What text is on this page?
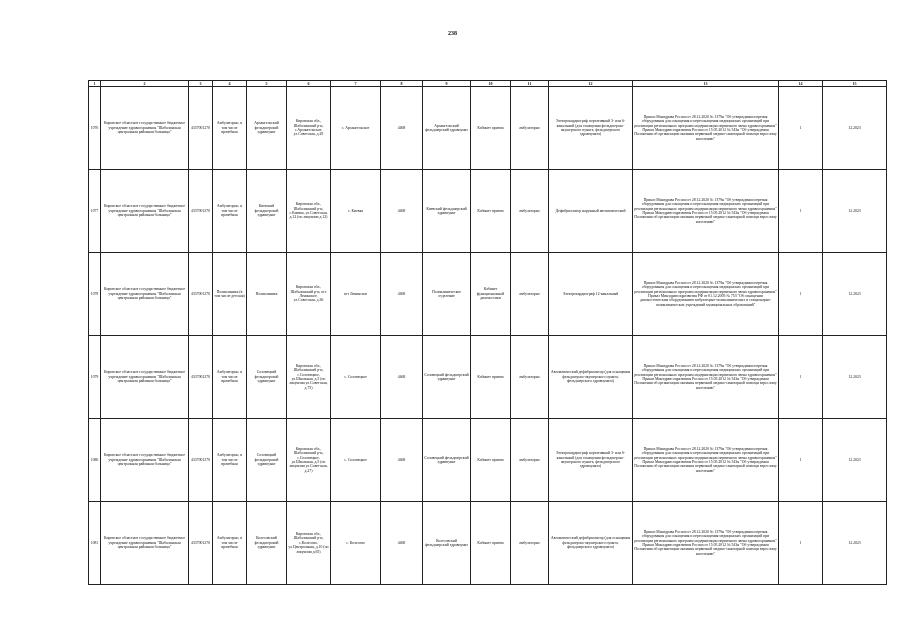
238
1	2	3	4	5	6	7	8	9	10	11	12	13	14	15
1076	Кировское областное государственное бюджетное учреждение здравоохранения "Шабалинская центральная районная больница"	4337001270	Амбулаторно, в том числе врачебная	Архангельский фельдшерский здравпункт	Кировская обл., Шабалинский р-н, с.Архангельское, ул.Советская, д.29	с. Архангельское	4468	Архангельский фельдшерский здравпункт	Кабинет приема	амбулаторно	Электрокардиограф портативный 3- или 6-канальный (для оснащения фельдшерско-акушерского пункта, фельдшерского здравпункта)	Приказ Минздрава России от 28.12.2020 № 1379н "Об утверждении перечня оборудования для оснащения и переоснащения медицинских организаций при реализации региональных программ модернизации первичного звена здравоохранения" Приказ Минздравсоцразвития России от 15.05.2012 № 543н "Об утверждении Положения об организации оказания первичной медико-санитарной помощи взрослому населению"	1	12.2023
1077	Кировское областное государственное бюджетное учреждение здравоохранения "Шабалинская центральная районная больница"	4337001270	Амбулаторно, в том числе врачебная	Киевский фельдшерский здравпункт	Кировская обл., Шабалинский р-н, с.Киевка, ул.Советская, д.12 (по лицензии д.12)	с. Киевка	4468	Киевский фельдшерский здравпункт	Кабинет приема	амбулаторно	Дефибриллятор наружный автоматический	Приказ Минздрава России от 28.12.2020 № 1379н "Об утверждении перечня оборудования для оснащения и переоснащения медицинских организаций при реализации региональных программ модернизации первичного звена здравоохранения" Приказ Минздравсоцразвития России от 15.05.2012 № 543н "Об утверждении Положения об организации оказания первичной медико-санитарной помощи взрослому населению"	1	12.2023
1078	Кировское областное государственное бюджетное учреждение здравоохранения "Шабалинская центральная районная больница"	4337001270	Поликлиника (в том числе детская)	Поликлиника	Кировская обл., Шабалинский р-н, пгт Ленинское, ул.Советская, д.36	пгт Ленинское	4468	Поликлиническое отделение	Кабинет функциональной диагностики	амбулаторно	Электрокардиограф 12-канальный	Приказ Минздрава России от 28.12.2020 № 1379н "Об утверждении перечня оборудования для оснащения и переоснащения медицинских организаций при реализации региональных программ модернизации первичного звена здравоохранения" Приказ Минздравсоцразвития РФ от 01.12.2005 № 753 "Об оснащении диагностическим оборудованием амбулаторно-поликлинических и стационарно-поликлинических учреждений муниципальных образований"	1	12.2023
1079	Кировское областное государственное бюджетное учреждение здравоохранения "Шабалинская центральная районная больница"	4337001270	Амбулаторно, в том числе врачебная	Соловецкий фельдшерский здравпункт	Кировская обл., Шабалинский р-н, с.Соловецкое, ул.Школьная, д.5 (по лицензии ул.Советская, д.75)	с. Соловецкое	4468	Соловецкий фельдшерский здравпункт	Кабинет приема	амбулаторно	Автоматический дефибриллятор (для оснащения фельдшерско-акушерского пункта, фельдшерского здравпункта)	Приказ Минздрава России от 28.12.2020 № 1379н "Об утверждении перечня оборудования для оснащения и переоснащения медицинских организаций при реализации региональных программ модернизации первичного звена здравоохранения" Приказ Минздравсоцразвития России от 15.05.2012 № 543н "Об утверждении Положения об организации оказания первичной медико-санитарной помощи взрослому населению"	1	12.2023
1080	Кировское областное государственное бюджетное учреждение здравоохранения "Шабалинская центральная районная больница"	4337001270	Амбулаторно, в том числе врачебная	Соловецкий фельдшерский здравпункт	Кировская обл., Шабалинский р-н, с.Соловецкое, ул.Школьная, д.5 (по лицензии ул.Советская, д.27)	с. Соловецкое	4468	Соловецкий фельдшерский здравпункт	Кабинет приема	амбулаторно	Электрокардиограф портативный 3- или 6-канальный (для оснащения фельдшерско-акушерского пункта, фельдшерского здравпункта)	Приказ Минздрава России от 28.12.2020 № 1379н "Об утверждении перечня оборудования для оснащения и переоснащения медицинских организаций при реализации региональных программ модернизации первичного звена здравоохранения" Приказ Минздравсоцразвития России от 15.05.2012 № 543н "Об утверждении Положения об организации оказания первичной медико-санитарной помощи взрослому населению"	1	12.2023
1081	Кировское областное государственное бюджетное учреждение здравоохранения "Шабалинская центральная районная больница"	4337001270	Амбулаторно, в том числе врачебная	Колесовский фельдшерский здравпункт	Кировская обл., Шабалинский р-н, с.Колесово, ул.Центральная, д.10 (по лицензии д.65)	с. Колесово	4468	Колесовский фельдшерский здравпункт	Кабинет приема	амбулаторно	Автоматический дефибриллятор (для оснащения фельдшерско-акушерского пункта, фельдшерского здравпункта)	Приказ Минздрава России от 28.12.2020 № 1379н "Об утверждении перечня оборудования для оснащения и переоснащения медицинских организаций при реализации региональных программ модернизации первичного звена здравоохранения" Приказ Минздравсоцразвития России от 15.05.2012 № 543н "Об утверждении Положения об организации оказания первичной медико-санитарной помощи взрослому населению"	1	12.2023
